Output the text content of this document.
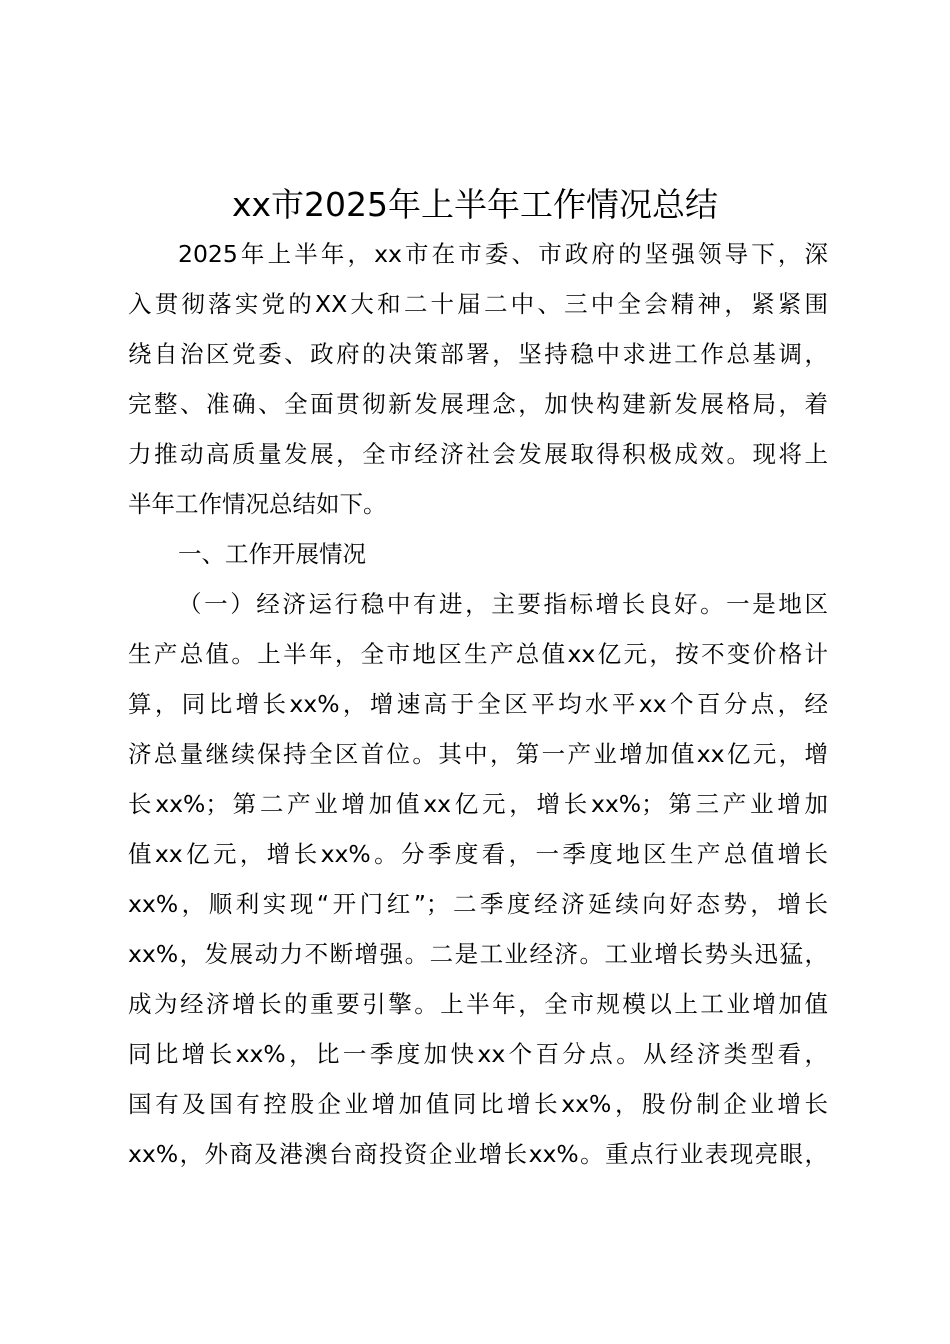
xx市2025年上半年工作情况总结
2025年上半年，xx市在市委、市政府的坚强领导下，深
入贯彻落实党的XX大和二十届二中、三中全会精神，紧紧围
绕自治区党委、政府的决策部署，坚持稳中求进工作总基调，
完整、准确、全面贯彻新发展理念，加快构建新发展格局，着
力推动高质量发展，全市经济社会发展取得积极成效。现将上
半年工作情况总结如下。
一、工作开展情况
（一）经济运行稳中有进，主要指标增长良好。一是地区
生产总值。上半年，全市地区生产总值xx亿元，按不变价格计
算，同比增长xx%，增速高于全区平均水平xx个百分点，经
济总量继续保持全区首位。其中，第一产业增加值xx亿元，增
长xx%；第二产业增加值xx亿元，增长xx%；第三产业增加
值xx亿元，增长xx%。分季度看，一季度地区生产总值增长
xx%，顺利实现“开门红”；二季度经济延续向好态势，增长
xx%，发展动力不断增强。二是工业经济。工业增长势头迅猛，
成为经济增长的重要引擎。上半年，全市规模以上工业增加值
同比增长xx%，比一季度加快xx个百分点。从经济类型看，
国有及国有控股企业增加值同比增长xx%，股份制企业增长
xx%，外商及港澳台商投资企业增长xx%。重点行业表现亮眼，
